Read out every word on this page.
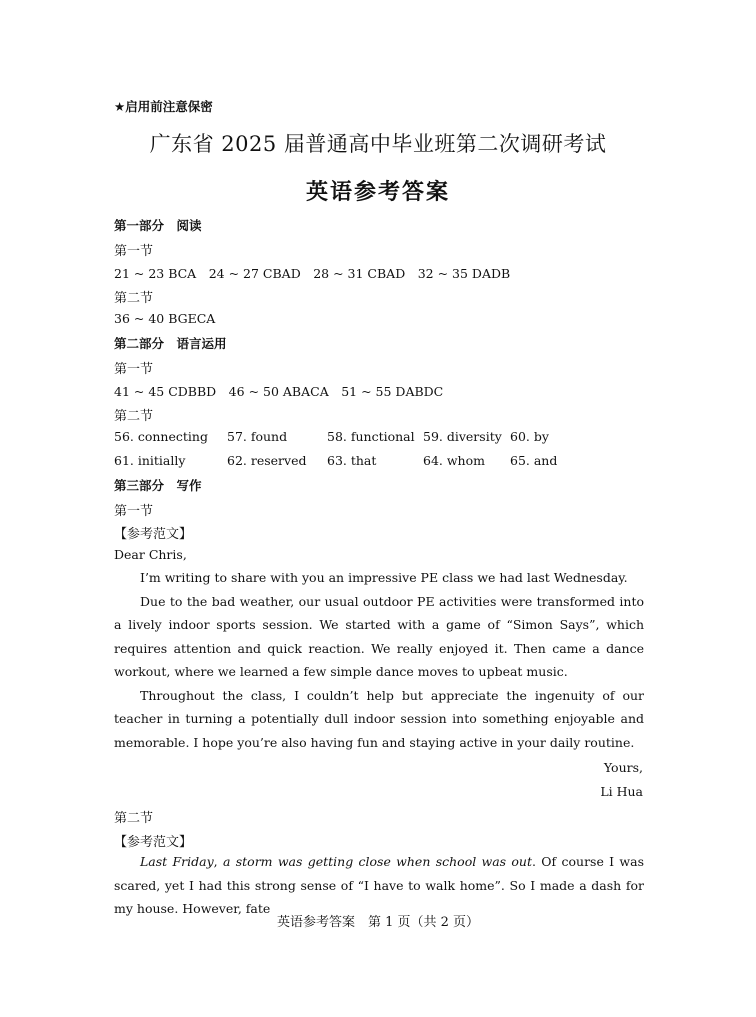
★启用前注意保密
广东省 2025 届普通高中毕业班第二次调研考试
英语参考答案
第一部分　阅读
第一节
21 ~ 23 BCA　24 ~ 27 CBAD　28 ~ 31 CBAD　32 ~ 35 DADB
第二节
36 ~ 40 BGECA
第二部分　语言运用
第一节
41 ~ 45 CDBBD　46 ~ 50 ABACA　51 ~ 55 DABDC
第二节
56. connecting 57. found	58. functional 59. diversity 60. by
61. initially	62. reserved 63. that	64. whom 65. and
第三部分　写作
第一节
【参考范文】
Dear Chris,

I’m writing to share with you an impressive PE class we had last Wednesday.

Due to the bad weather, our usual outdoor PE activities were transformed into a lively indoor sports session. We started with a game of “Simon Says”, which requires attention and quick reaction. We really enjoyed it. Then came a dance workout, where we learned a few simple dance moves to upbeat music.

Throughout the class, I couldn’t help but appreciate the ingenuity of our teacher in turning a potentially dull indoor session into something enjoyable and memorable. I hope you’re also having fun and staying active in your daily routine.

Yours,
Li Hua
第二节
【参考范文】

Last Friday, a storm was getting close when school was out. Of course I was scared, yet I had this strong sense of “I have to walk home”. So I made a dash for my house. However, fate

英语参考答案　第 1 页（共 2 页）
